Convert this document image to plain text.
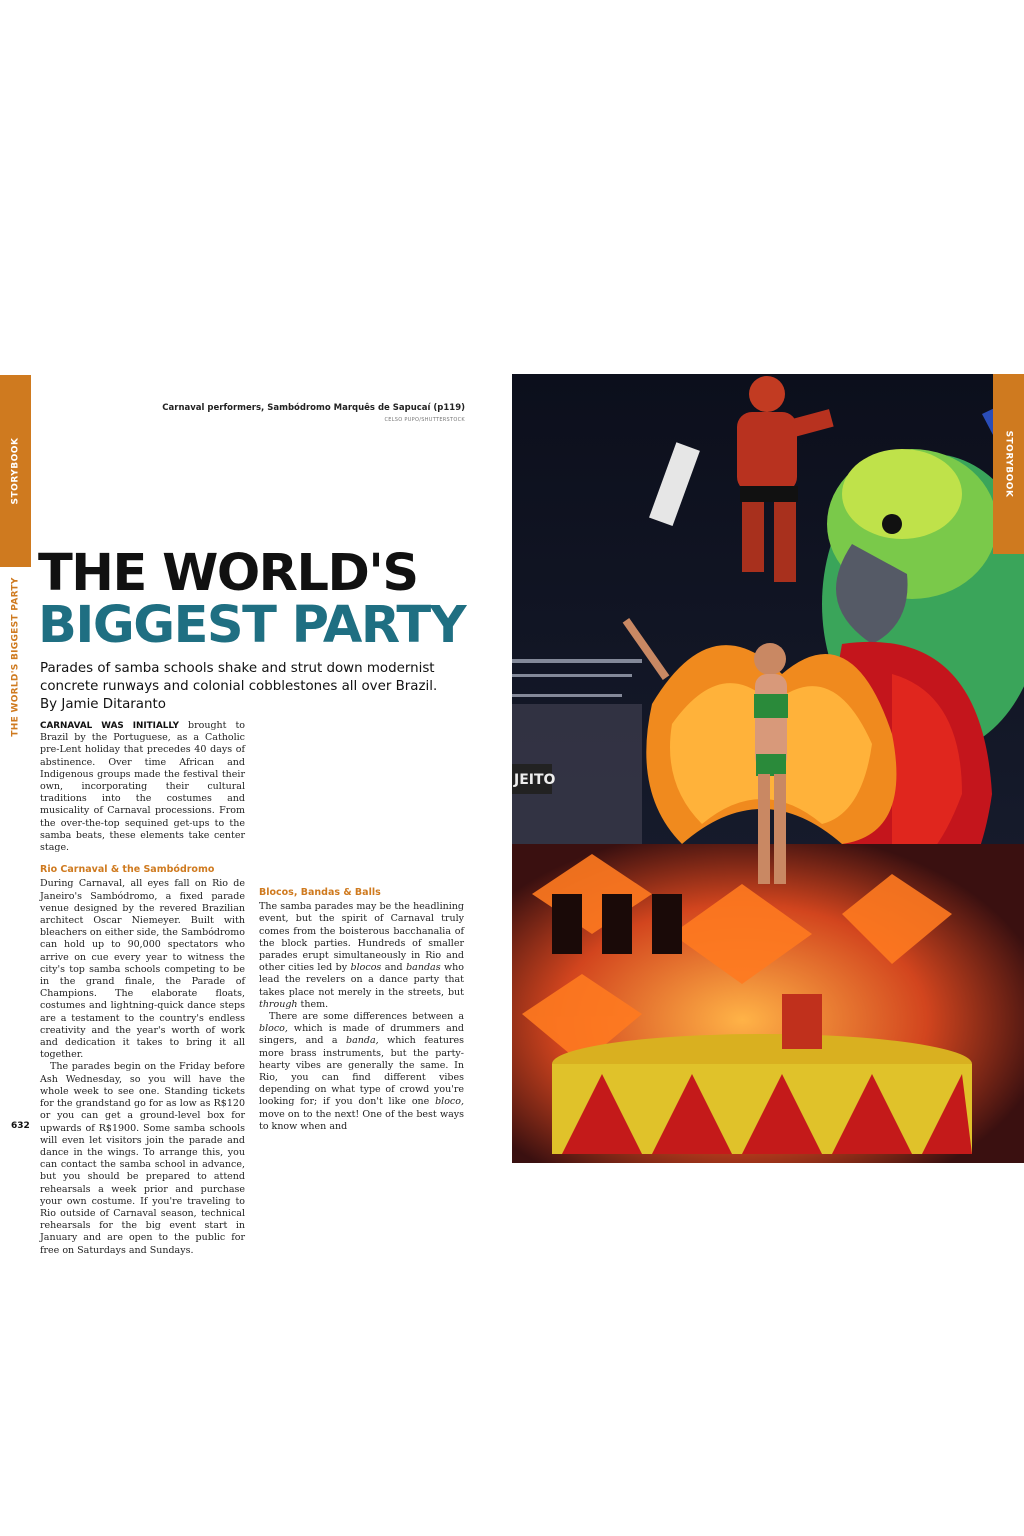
STORYBOOK
THE WORLD'S BIGGEST PARTY
Carnaval performers, Sambódromo Marquês de Sapucaí (p119)
CELSO PUPO/SHUTTERSTOCK
THE WORLD'S
BIGGEST PARTY

Parades of samba schools shake and strut down modernist concrete runways and colonial cobblestones all over Brazil.
By Jamie Ditaranto

CARNAVAL WAS INITIALLY brought to Brazil by the Portuguese, as a Catholic pre-Lent holiday that precedes 40 days of abstinence. Over time African and Indigenous groups made the festival their own, incorporating their cultural traditions into the costumes and musicality of Carnaval processions. From the over-the-top sequined get-ups to the samba beats, these elements take center stage.

Rio Carnaval & the Sambódromo

During Carnaval, all eyes fall on Rio de Janeiro's Sambódromo, a fixed parade venue designed by the revered Brazilian architect Oscar Niemeyer. Built with bleachers on either side, the Sambódromo can hold up to 90,000 spectators who arrive on cue every year to witness the city's top samba schools competing to be in the grand finale, the Parade of Champions. The elaborate floats, costumes and lightning-quick dance steps are a testament to the country's endless creativity and the year's worth of work and dedication it takes to bring it all together.

The parades begin on the Friday before Ash Wednesday, so you will have the whole week to see one. Standing tickets for the grandstand go for as low as R$120 or you can get a ground-level box for upwards of R$1900. Some samba schools will even let visitors join the parade and dance in the wings. To arrange this, you can contact the samba school in advance, but you should be prepared to attend rehearsals a week prior and purchase your own costume. If you're traveling to Rio outside of Carnaval season, technical rehearsals for the big event start in January and are open to the public for free on Saturdays and Sundays.

Blocos, Bandas & Balls

The samba parades may be the headlining event, but the spirit of Carnaval truly comes from the boisterous bacchanalia of the block parties. Hundreds of smaller parades erupt simultaneously in Rio and other cities led by blocos and bandas who lead the revelers on a dance party that takes place not merely in the streets, but through them.

There are some differences between a bloco, which is made of drummers and singers, and a banda, which features more brass instruments, but the party-hearty vibes are generally the same. In Rio, you can find different vibes depending on what type of crowd you're looking for; if you don't like one bloco, move on to the next! One of the best ways to know when and

632
JEITO
STORYBOOK
